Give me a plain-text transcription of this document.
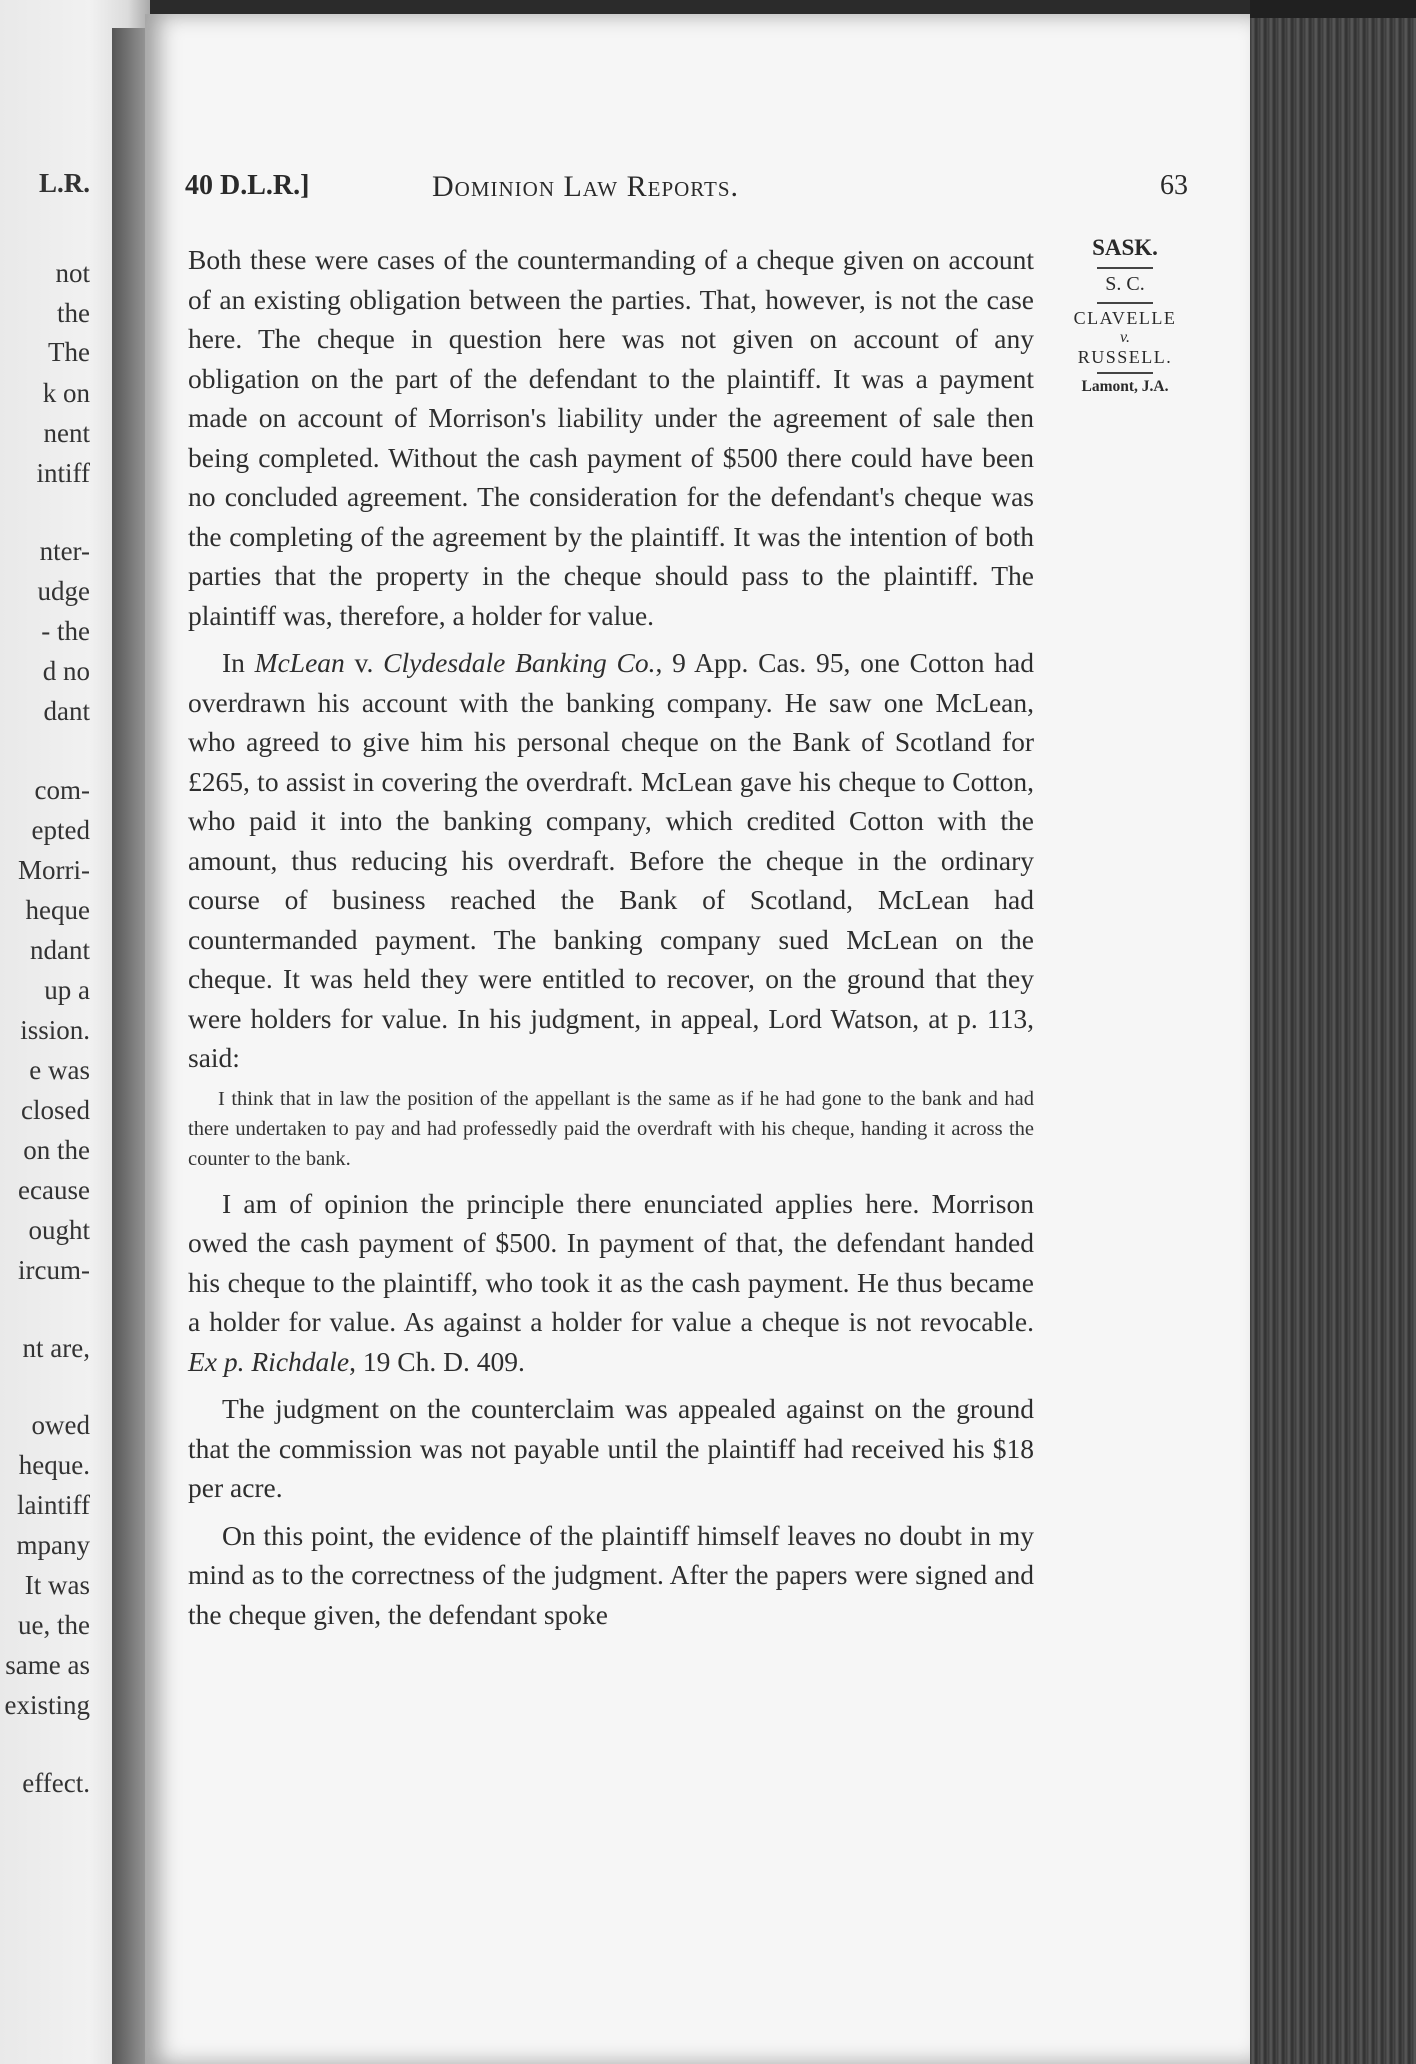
L.R.
not
the
The
k on
nent
intiff
nter-
udge
- the
d no
dant
com-
epted
Morri-
heque
ndant
up a
ission.
e was
closed
on the
ecause
ought
ircum-
nt are,
owed
heque.
laintiff
mpany
It was
ue, the
same as
existing
effect.
40 D.L.R.]	Dominion Law Reports.	63
SASK.
S. C.
CLAVELLE
v.
RUSSELL.
Lamont, J.A.

Both these were cases of the countermanding of a cheque given on account of an existing obligation between the parties. That, however, is not the case here. The cheque in question here was not given on account of any obligation on the part of the defendant to the plaintiff. It was a payment made on account of Morrison's liability under the agreement of sale then being completed. Without the cash payment of $500 there could have been no concluded agreement. The consideration for the defendant's cheque was the completing of the agreement by the plaintiff. It was the intention of both parties that the property in the cheque should pass to the plaintiff. The plaintiff was, therefore, a holder for value.

In McLean v. Clydesdale Banking Co., 9 App. Cas. 95, one Cotton had overdrawn his account with the banking company. He saw one McLean, who agreed to give him his personal cheque on the Bank of Scotland for £265, to assist in covering the overdraft. McLean gave his cheque to Cotton, who paid it into the banking company, which credited Cotton with the amount, thus reducing his overdraft. Before the cheque in the ordinary course of business reached the Bank of Scotland, McLean had countermanded payment. The banking company sued McLean on the cheque. It was held they were entitled to recover, on the ground that they were holders for value. In his judgment, in appeal, Lord Watson, at p. 113, said:

I think that in law the position of the appellant is the same as if he had gone to the bank and had there undertaken to pay and had professedly paid the overdraft with his cheque, handing it across the counter to the bank.

I am of opinion the principle there enunciated applies here. Morrison owed the cash payment of $500. In payment of that, the defendant handed his cheque to the plaintiff, who took it as the cash payment. He thus became a holder for value. As against a holder for value a cheque is not revocable. Ex p. Richdale, 19 Ch. D. 409.

The judgment on the counterclaim was appealed against on the ground that the commission was not payable until the plaintiff had received his $18 per acre.

On this point, the evidence of the plaintiff himself leaves no doubt in my mind as to the correctness of the judgment. After the papers were signed and the cheque given, the defendant spoke
